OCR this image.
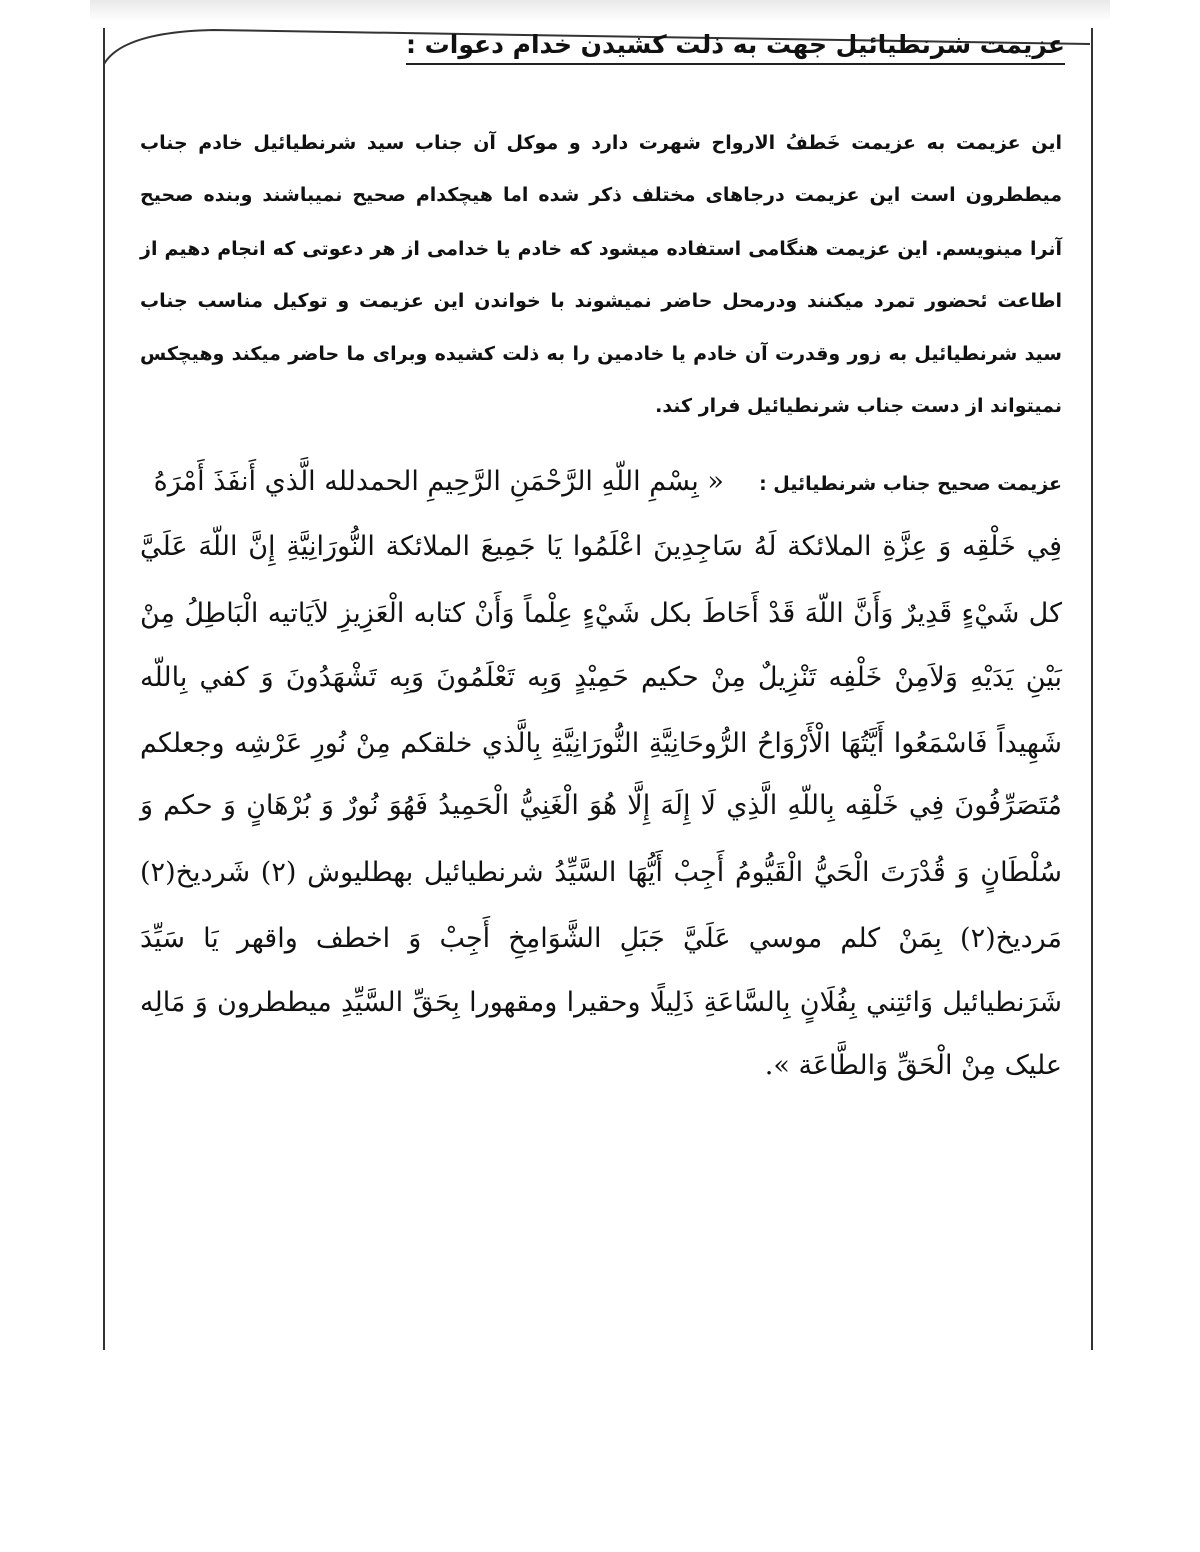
عزیمت شرنطیائیل جهت به ذلت کشیدن خدام دعوات :
این عزیمت به عزیمت خَطفُ الارواح شهرت دارد و موکل آن جناب سید شرنطیائیل خادم جناب
میططرون است این عزیمت درجاهای مختلف ذکر شده اما هیچکدام صحیح نمیباشند وبنده صحیح
آنرا مینویسم. این عزیمت هنگامی استفاده میشود که خادم یا خدامی از هر دعوتی که انجام دهیم از
اطاعت ئحضور تمرد میکنند ودرمحل حاضر نمیشوند با خواندن این عزیمت و توکیل مناسب جناب
سید شرنطیائیل به زور وقدرت آن خادم یا خادمین را به ذلت کشیده وبرای ما حاضر میکند وهیچکس
نمیتواند از دست جناب شرنطیائیل فرار کند.
عزیمت صحیح جناب شرنطیائیل :  « بِسْمِ اللّهِ الرَّحْمَنِ الرَّحِيمِ الحمدلله الَّذي أَنفَذَ أَمْرَهُ
فِي خَلْقِه وَ عِزَّةِ الملائكة لَهُ سَاجِدِينَ اعْلَمُوا يَا جَمِيعَ الملائكة النُّورَانِيَّةِ إِنَّ اللّهَ عَلَيَّ
كل شَيْءٍ قَدِيرٌ وَأَنَّ اللّهَ قَدْ أَحَاطَ بكل شَيْءٍ عِلْماً وَأَنْ كتابه الْعَزِيزِ لاَيَاتيه الْبَاطِلُ مِنْ
بَيْنِ يَدَيْهِ وَلاَمِنْ خَلْفِه تَنْزِيلٌ مِنْ حكيم حَمِيْدٍ وَبِه تَعْلَمُونَ وَبِه تَشْهَدُونَ وَ كفي بِاللّه
شَهِيداً فَاسْمَعُوا أَيَّتُهَا الْأَرْوَاحُ الرُّوحَانِيَّةِ النُّورَانِيَّةِ بِالَّذي خلقكم مِنْ نُورِ عَرْشِه وجعلكم
مُتَصَرِّفُونَ فِي خَلْقِه بِاللّهِ الَّذِي لَا إِلَهَ إِلَّا هُوَ الْغَنِيُّ الْحَمِيدُ فَهُوَ نُورٌ وَ بُرْهَانٍ وَ حكم وَ
سُلْطَانٍ وَ قُدْرَتَ الْحَيُّ الْقَيُّومُ أَجِبْ أَيُّهَا السَّيِّدُ شرنطيائيل بهطليوش (٢) شَرديخ(٢)
مَرديخ(٢) بِمَنْ كلم موسي عَلَيَّ جَبَلِ الشَّوَامِخِ أَجِبْ وَ اخطف واقهر يَا سَيِّدَ
شَرَنطيائيل وَائتِني بِفُلَانٍ بِالسَّاعَةِ ذَلِيلًا وحقيرا ومقهورا بِحَقِّ السَّيِّدِ ميططرون وَ مَالِه
عليک مِنْ الْحَقِّ وَالطَّاعَة ».
